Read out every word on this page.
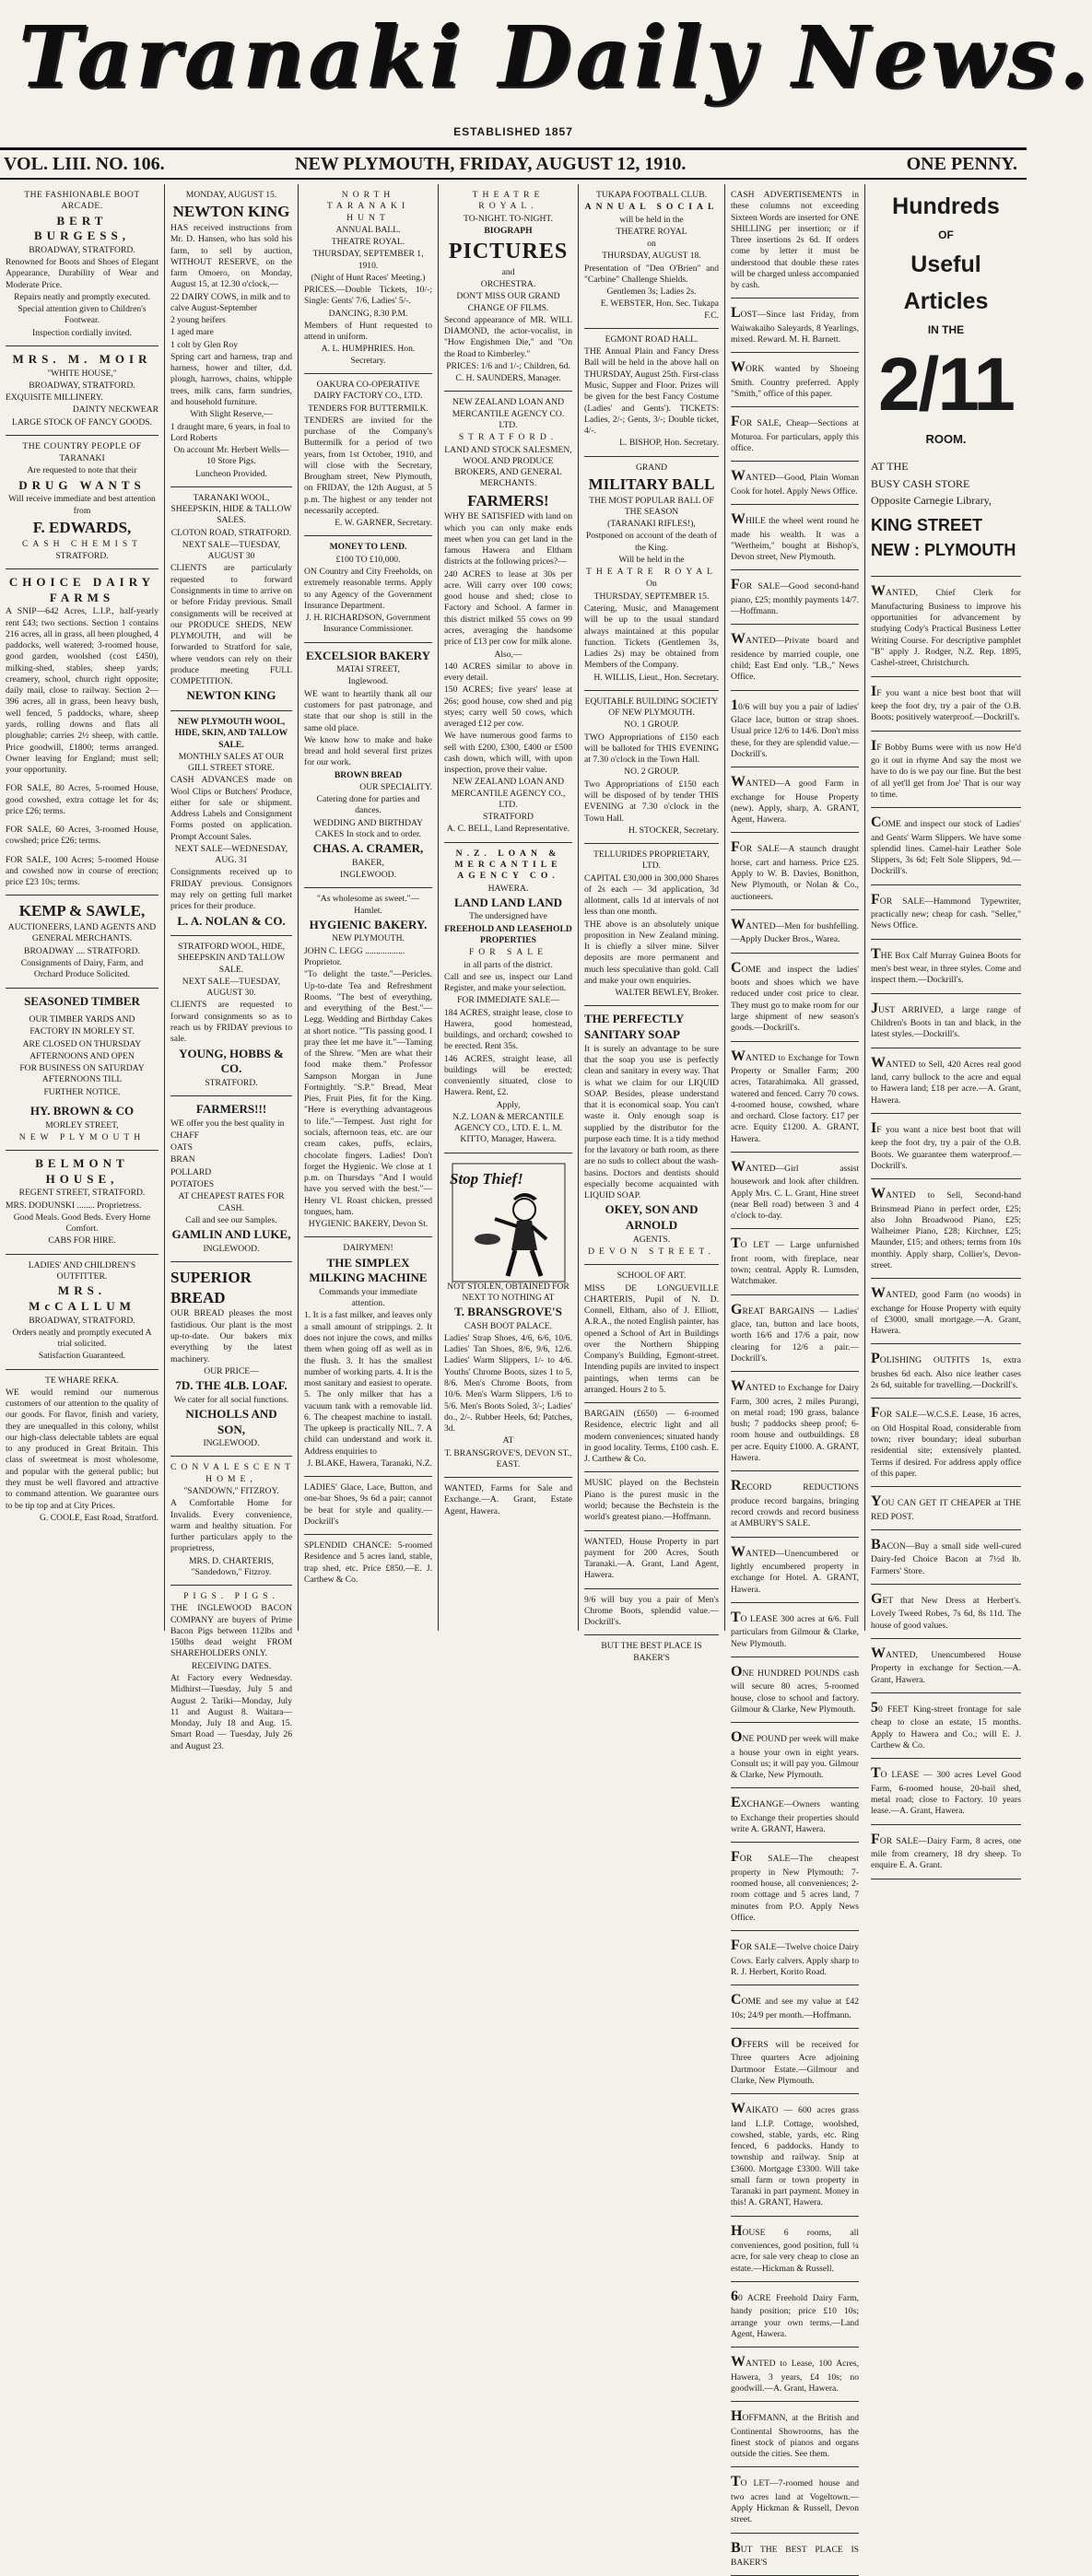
Taranaki Daily News.
ESTABLISHED 1857
VOL. LIII. NO. 106.	NEW PLYMOUTH, FRIDAY, AUGUST 12, 1910.	ONE PENNY.

THE FASHIONABLE BOOT ARCADE.

BERT BURGESS,

BROADWAY, STRATFORD.

Renowned for Boots and Shoes of Elegant Appearance, Durability of Wear and Moderate Price.

Repairs neatly and promptly executed.

Special attention given to Children's Footwear.

Inspection cordially invited.

MRS. M. MOIR

"WHITE HOUSE,"

BROADWAY, STRATFORD.

EXQUISITE MILLINERY.

DAINTY NECKWEAR

LARGE STOCK OF FANCY GOODS.

THE COUNTRY PEOPLE OF

TARANAKI

Are requested to note that their

DRUG WANTS

Will receive immediate and best attention from

F. EDWARDS,

CASH CHEMIST

STRATFORD.

CHOICE DAIRY FARMS

A SNIP—642 Acres, L.I.P., half-yearly rent £43; two sections. Section 1 contains 216 acres, all in grass, all been ploughed, 4 paddocks, well watered; 3-roomed house, good garden, woolshed (cost £450), milking-shed, stables, sheep yards; creamery, school, church right opposite; daily mail, close to railway. Section 2—396 acres, all in grass, been heavy bush, well fenced, 5 paddocks, whare, sheep yards, rolling downs and flats all ploughable; carries 2½ sheep, with cattle. Price goodwill, £1800; terms arranged. Owner leaving for England; must sell; your opportunity.

FOR SALE, 80 Acres, 5-roomed House, good cowshed, extra cottage let for 4s; price £26; terms.

FOR SALE, 60 Acres, 3-roomed House, cowshed; price £26; terms.

FOR SALE, 100 Acres; 5-roomed House and cowshed now in course of erection; price £23 10s; terms.

KEMP & SAWLE,

AUCTIONEERS, LAND AGENTS AND GENERAL MERCHANTS.

BROADWAY .... STRATFORD.

Consignments of Dairy, Farm, and Orchard Produce Solicited.

SEASONED TIMBER

OUR TIMBER YARDS AND

FACTORY IN MORLEY ST.

ARE CLOSED ON THURSDAY

AFTERNOONS AND OPEN

FOR BUSINESS ON SATURDAY AFTERNOONS TILL

FURTHER NOTICE.

HY. BROWN & CO

MORLEY STREET,

NEW PLYMOUTH

BELMONT HOUSE,

REGENT STREET, STRATFORD.

MRS. DODUNSKI ........ Proprietress.

Good Meals. Good Beds. Every Home Comfort.

CABS FOR HIRE.

LADIES' AND CHILDREN'S OUTFITTER.

MRS. McCALLUM

BROADWAY, STRATFORD.

Orders neatly and promptly executed A trial solicited.

Satisfaction Guaranteed.

TE WHARE REKA.

WE would remind our numerous customers of our attention to the quality of our goods. For flavor, finish and variety, they are unequalled in this colony, whilst our high-class delectable tablets are equal to any produced in Great Britain. This class of sweetmeat is most wholesome, and popular with the general public; but they must be well flavored and attractive to command attention. We guarantee ours to be tip top and at City Prices.

G. COOLE, East Road, Stratford.

MONDAY, AUGUST 15.

NEWTON KING

HAS received instructions from Mr. D. Hansen, who has sold his farm, to sell by auction, WITHOUT RESERVE, on the farm Omoero, on Monday, August 15, at 12.30 o'clock,—

22 DAIRY COWS, in milk and to calve August-September

2 young heifers

1 aged mare

1 colt by Glen Roy

Spring cart and harness, trap and harness, hower and tilter, d.d. plough, harrows, chains, whipple trees, milk cans, farm sundries, and household furniture.

With Slight Reserve,—

1 draught mare, 6 years, in foal to Lord Roberts

On account Mr. Herbert Wells—10 Store Pigs.

Luncheon Provided.

TARANAKI WOOL, SHEEPSKIN, HIDE & TALLOW SALES.

CLOTON ROAD, STRATFORD.

NEXT SALE—TUESDAY, AUGUST 30

CLIENTS are particularly requested to forward Consignments in time to arrive on or before Friday previous. Small consignments will be received at our PRODUCE SHEDS, NEW PLYMOUTH, and will be forwarded to Stratford for sale, where vendors can rely on their produce meeting FULL COMPETITION.

NEWTON KING

NEW PLYMOUTH WOOL, HIDE, SKIN, AND TALLOW SALE.

MONTHLY SALES AT OUR GILL STREET STORE.

CASH ADVANCES made on Wool Clips or Butchers' Produce, either for sale or shipment. Address Labels and Consignment Forms posted on application. Prompt Account Sales.

NEXT SALE—WEDNESDAY, AUG. 31

Consignments received up to FRIDAY previous. Consignors may rely on getting full market prices for their produce.

L. A. NOLAN & CO.

STRATFORD WOOL, HIDE, SHEEPSKIN AND TALLOW SALE.

NEXT SALE—TUESDAY, AUGUST 30.

CLIENTS are requested to forward consignments so as to reach us by FRIDAY previous to sale.

YOUNG, HOBBS & CO.

STRATFORD.

FARMERS!!!

WE offer you the best quality in

CHAFF

OATS

BRAN

POLLARD

POTATOES

AT CHEAPEST RATES FOR CASH.

Call and see our Samples.

GAMLIN AND LUKE,

INGLEWOOD.

SUPERIOR BREAD

OUR BREAD pleases the most fastidious. Our plant is the most up-to-date. Our bakers mix everything by the latest machinery.

OUR PRICE—

7D. THE 4LB. LOAF.

We cater for all social functions.

NICHOLLS AND SON,

INGLEWOOD.

CONVALESCENT HOME,

"SANDOWN," FITZROY.

A Comfortable Home for Invalids. Every convenience, warm and healthy situation. For further particulars apply to the proprietress,

MRS. D. CHARTERIS, "Sandedown," Fitzroy.

PIGS. PIGS.

THE INGLEWOOD BACON COMPANY are buyers of Prime Bacon Pigs between 112lbs and 150lbs dead weight FROM SHAREHOLDERS ONLY.

RECEIVING DATES.

At Factory every Wednesday. Midhirst—Tuesday, July 5 and August 2. Tariki—Monday, July 11 and August 8. Waitara—Monday, July 18 and Aug. 15. Smart Road — Tuesday, July 26 and August 23.

NORTH TARANAKI HUNT

ANNUAL BALL.

THEATRE ROYAL.

THURSDAY, SEPTEMBER 1, 1910.

(Night of Hunt Races' Meeting.)

PRICES.—Double Tickets, 10/-; Single: Gents' 7/6, Ladies' 5/-.

DANCING, 8.30 P.M.

Members of Hunt requested to attend in uniform.

A. L. HUMPHRIES. Hon. Secretary.

OAKURA CO-OPERATIVE DAIRY FACTORY CO., LTD.

TENDERS FOR BUTTERMILK.

TENDERS are invited for the purchase of the Company's Buttermilk for a period of two years, from 1st October, 1910, and will close with the Secretary, Brougham street, New Plymouth, on FRIDAY, the 12th August, at 5 p.m. The highest or any tender not necessarily accepted.

E. W. GARNER, Secretary.

MONEY TO LEND.

£100 TO £10,000.

ON Country and City Freeholds, on extremely reasonable terms. Apply to any Agency of the Government Insurance Department.

J. H. RICHARDSON, Government Insurance Commissioner.

EXCELSIOR BAKERY

MATAI STREET,

Inglewood.

WE want to heartily thank all our customers for past patronage, and state that our shop is still in the same old place.

We know how to make and bake bread and hold several first prizes for our work.

BROWN BREAD

OUR SPECIALITY.

Catering done for parties and dances.

WEDDING AND BIRTHDAY CAKES In stock and to order.

CHAS. A. CRAMER,

BAKER,

INGLEWOOD.

"As wholesome as sweet."—Hamlet.

HYGIENIC BAKERY.

NEW PLYMOUTH.

JOHN C. LEGG .................. Proprietor.

"To delight the taste."—Pericles. Up-to-date Tea and Refreshment Rooms. "The best of everything, and everything of the Best."—Legg. Wedding and Birthday Cakes at short notice. "'Tis passing good. I pray thee let me have it."—Taming of the Shrew. "Men are what their food make them." Professor Sampson Morgan in June Fortnightly. "S.P." Bread, Meat Pies, Fruit Pies, fit for the King. "Here is everything advantageous to life."—Tempest. Just right for socials, afternoon teas, etc. are our cream cakes, puffs, eclairs, chocolate fingers. Ladies! Don't forget the Hygienic. We close at 1 p.m. on Thursdays "And I would have you served with the best."—Henry VI. Roast chicken, pressed tongues, ham.

HYGIENIC BAKERY, Devon St.

DAIRYMEN!

THE SIMPLEX MILKING MACHINE

Commands your immediate attention.

1. It is a fast milker, and leaves only a small amount of strippings. 2. It does not injure the cows, and milks them when going off as well as in the flush. 3. It has the smallest number of working parts. 4. It is the most sanitary and easiest to operate. 5. The only milker that has a vacuum tank with a removable lid. 6. The cheapest machine to install. The upkeep is practically NIL. 7. A child can understand and work it. Address enquiries to

J. BLAKE, Hawera, Taranaki, N.Z.

LADIES' Glace, Lace, Button, and one-bar Shoes, 9s 6d a pair; cannot be beat for style and quality.—Dockrill's

SPLENDID CHANCE: 5-roomed Residence and 5 acres land, stable, trap shed, etc. Price £850.—E. J. Carthew & Co.

THEATRE ROYAL.

TO-NIGHT. TO-NIGHT.

BIOGRAPH

PICTURES

and

ORCHESTRA.

DON'T MISS OUR GRAND CHANGE OF FILMS.

Second appearance of MR. WILL DIAMOND, the actor-vocalist, in "How Engishmen Die," and "On the Road to Kimberley."

PRICES: 1/6 and 1/-; Children, 6d.

C. H. SAUNDERS, Manager.

NEW ZEALAND LOAN AND MERCANTILE AGENCY CO. LTD.

STRATFORD.

LAND AND STOCK SALESMEN, WOOL AND PRODUCE BROKERS, AND GENERAL MERCHANTS.

FARMERS!

WHY BE SATISFIED with land on which you can only make ends meet when you can get land in the famous Hawera and Eltham districts at the following prices?—

240 ACRES to lease at 30s per acre. Will carry over 100 cows; good house and shed; close to Factory and School. A farmer in this district milked 55 cows on 99 acres, averaging the handsome price of £13 per cow for milk alone.

Also,—

140 ACRES similar to above in every detail.

150 ACRES; five years' lease at 26s; good house, cow shed and pig styes; carry well 50 cows, which averaged £12 per cow.

We have numerous good farms to sell with £200, £300, £400 or £500 cash down, which will, with upon inspection, prove their value.

NEW ZEALAND LOAN AND MERCANTILE AGENCY CO., LTD.

STRATFORD

A. C. BELL, Land Representative.

N.Z. LOAN & MERCANTILE AGENCY CO.

HAWERA.

LAND LAND LAND

The undersigned have

FREEHOLD AND LEASEHOLD PROPERTIES

FOR SALE

in all parts of the district.

Call and see us, inspect our Land Register, and make your selection.

FOR IMMEDIATE SALE—

184 ACRES, straight lease, close to Hawera, good homestead, buildings, and orchard; cowshed to be erected. Rent 35s.

146 ACRES, straight lease, all buildings will be erected; conveniently situated, close to Hawera. Rent, £2.

Apply,

N.Z. LOAN & MERCANTILE AGENCY CO., LTD. E. L. M. KITTO, Manager, Hawera.

Stop Thief!

NOT STOLEN, OBTAINED FOR NEXT TO NOTHING AT

T. BRANSGROVE'S

CASH BOOT PALACE.

Ladies' Strap Shoes, 4/6, 6/6, 10/6. Ladies' Tan Shoes, 8/6, 9/6, 12/6. Ladies' Warm Slippers, 1/- to 4/6. Youths' Chrome Boots, sizes 1 to 5, 8/6. Men's Chrome Boots, from 10/6. Men's Warm Slippers, 1/6 to 5/6. Men's Boots Soled, 3/-; Ladies' do., 2/-. Rubber Heels, 6d; Patches, 3d.

AT

T. BRANSGROVE'S, DEVON ST., EAST.

WANTED, Farms for Sale and Exchange.—A. Grant, Estate Agent, Hawera.

TUKAPA FOOTBALL CLUB.

ANNUAL SOCIAL

will be held in the

THEATRE ROYAL

on

THURSDAY, AUGUST 18.

Presentation of "Den O'Brien" and "Carbine" Challenge Shields.

Gentlemen 3s; Ladies 2s.

E. WEBSTER, Hon. Sec. Tukapa F.C.

EGMONT ROAD HALL.

THE Annual Plain and Fancy Dress Ball will be held in the above hall on THURSDAY, August 25th. First-class Music, Supper and Floor. Prizes will be given for the best Fancy Costume (Ladies' and Gents'). TICKETS: Ladies, 2/-; Gents, 3/-; Double ticket, 4/-.

L. BISHOP, Hon. Secretary.

GRAND

MILITARY BALL

THE MOST POPULAR BALL OF THE SEASON

(TARANAKI RIFLES!),

Postponed on account of the death of the King.

Will be held in the

THEATRE ROYAL

On

THURSDAY, SEPTEMBER 15.

Catering, Music, and Management will be up to the usual standard always maintained at this popular function. Tickets (Gentlemen 3s, Ladies 2s) may be obtained from Members of the Company.

H. WILLIS, Lieut., Hon. Secretary.

EQUITABLE BUILDING SOCIETY OF NEW PLYMOUTH.

NO. 1 GROUP.

TWO Appropriations of £150 each will be balloted for THIS EVENING at 7.30 o'clock in the Town Hall.

NO. 2 GROUP.

Two Appropriations of £150 each will be disposed of by tender THIS EVENING at 7.30 o'clock in the Town Hall.

H. STOCKER, Secretary.

TELLURIDES PROPRIETARY, LTD.

CAPITAL £30,000 in 300,000 Shares of 2s each — 3d application, 3d allotment, calls 1d at intervals of not less than one month.

THE above is an absolutely unique proposition in New Zealand mining. It is chiefly a silver mine. Silver deposits are more permanent and much less speculative than gold. Call and make your own enquiries.

WALTER BEWLEY, Broker.

THE PERFECTLY SANITARY SOAP

It is surely an advantage to be sure that the soap you use is perfectly clean and sanitary in every way. That is what we claim for our LIQUID SOAP. Besides, please understand that it is economical soap. You can't waste it. Only enough soap is supplied by the distributor for the purpose each time. It is a tidy method for the lavatory or bath room, as there are no suds to collect about the wash-basins. Doctors and dentists should especially become acquainted with LIQUID SOAP.

OKEY, SON AND ARNOLD

AGENTS.

DEVON STREET.

SCHOOL OF ART.

MISS DE LONGUEVILLE CHARTERIS, Pupil of N. D. Connell, Eltham, also of J. Elliott, A.R.A., the noted English painter, has opened a School of Art in Buildings over the Northern Shipping Company's Building, Egmont-street. Intending pupils are invited to inspect paintings, when terms can be arranged. Hours 2 to 5.

BARGAIN (£650) — 6-roomed Residence, electric light and all modern conveniences; situated handy in good locality. Terms, £100 cash. E. J. Carthew & Co.

MUSIC played on the Bechstein Piano is the purest music in the world; because the Bechstein is the world's greatest piano.—Hoffmann.

WANTED, House Property in part payment for 200 Acres, South Taranaki.—A. Grant, Land Agent, Hawera.

9/6 will buy you a pair of Men's Chrome Boots, splendid value.—Dockrill's.

BUT THE BEST PLACE IS BAKER'S

CASH ADVERTISEMENTS in these columns not exceeding Sixteen Words are inserted for ONE SHILLING per insertion; or if Three insertions 2s 6d. If orders come by letter it must be understood that double these rates will be charged unless accompanied by cash.

LOST—Since last Friday, from Waiwakaiho Saleyards, 8 Yearlings, mixed. Reward. M. H. Barnett.

WORK wanted by Shoeing Smith. Country preferred. Apply "Smith," office of this paper.

FOR SALE, Cheap—Sections at Moturoa. For particulars, apply this office.

WANTED—Good, Plain Woman Cook for hotel. Apply News Office.

WHILE the wheel went round he made his wealth. It was a "Wertheim," bought at Bishop's, Devon street, New Plymouth.

FOR SALE—Good second-hand piano, £25; monthly payments 14/7.—Hoffmann.

WANTED—Private board and residence by married couple, one child; East End only. "LB.," News Office.

10/6 will buy you a pair of ladies' Glace lace, button or strap shoes. Usual price 12/6 to 14/6. Don't miss these, for they are splendid value.—Dockrill's.

WANTED—A good Farm in exchange for House Property (new). Apply, sharp, A. GRANT, Agent, Hawera.

FOR SALE—A staunch draught horse, cart and harness. Price £25. Apply to W. B. Davies, Bonithon, New Plymouth, or Nolan & Co., auctioneers.

WANTED—Men for bushfelling.—Apply Ducker Bros., Warea.

COME and inspect the ladies' boots and shoes which we have reduced under cost price to clear. They must go to make room for our large shipment of new season's goods.—Dockrill's.

WANTED to Exchange for Town Property or Smaller Farm; 200 acres, Tatarahimaka. All grassed, watered and fenced. Carry 70 cows. 4-roomed house, cowshed, whare and orchard. Close factory. £17 per acre. Equity £1200. A. GRANT, Hawera.

WANTED—Girl assist housework and look after children. Apply Mrs. C. L. Grant, Hine street (near Bell road) between 3 and 4 o'clock to-day.

TO LET — Large unfurnished front room, with fireplace, near town; central. Apply R. Lumsden, Watchmaker.

GREAT BARGAINS — Ladies' glace, tan, button and lace boots, worth 16/6 and 17/6 a pair, now clearing for 12/6 a pair.—Dockrill's.

WANTED to Exchange for Dairy Farm, 300 acres, 2 miles Purangi, on metal road; 190 grass, balance bush; 7 paddocks sheep proof; 6-room house and outbuildings. £8 per acre. Equity £1000. A. GRANT, Hawera.

RECORD REDUCTIONS produce record bargains, bringing record crowds and record business at AMBURY'S SALE.

WANTED—Unencumbered or lightly encumbered property in exchange for Hotel. A. GRANT, Hawera.

TO LEASE 300 acres at 6/6. Full particulars from Gilmour & Clarke, New Plymouth.

ONE HUNDRED POUNDS cash will secure 80 acres, 5-roomed house, close to school and factory. Gilmour & Clarke, New Plymouth.

ONE POUND per week will make a house your own in eight years. Consult us; it will pay you. Gilmour & Clarke, New Plymouth.

EXCHANGE—Owners wanting to Exchange their properties should write A. GRANT, Hawera.

FOR SALE—The cheapest property in New Plymouth: 7-roomed house, all conveniences; 2-room cottage and 5 acres land, 7 minutes from P.O. Apply News Office.

FOR SALE—Twelve choice Dairy Cows. Early calvers. Apply sharp to R. J. Herbert, Korito Road.

COME and see my value at £42 10s; 24/9 per month.—Hoffmann.

OFFERS will be received for Three quarters Acre adjoining Dartmoor Estate.—Gilmour and Clarke, New Plymouth.

WAIKATO — 600 acres grass land L.I.P. Cottage, woolshed, cowshed, stable, yards, etc. Ring fenced, 6 paddocks. Handy to township and railway. Snip at £3600. Mortgage £3300. Will take small farm or town property in Taranaki in part payment. Money in this! A. GRANT, Hawera.

HOUSE 6 rooms, all conveniences, good position, full ¼ acre, for sale very cheap to close an estate.—Hickman & Russell.

60 ACRE Freehold Dairy Farm, handy position; price £10 10s; arrange your own terms.—Land Agent, Hawera.

WANTED to Lease, 100 Acres, Hawera, 3 years, £4 10s; no goodwill.—A. Grant, Hawera.

HOFFMANN, at the British and Continental Showrooms, has the finest stock of pianos and organs outside the cities. See them.

TO LET—7-roomed house and two acres land at Vogeltown.—Apply Hickman & Russell, Devon street.

BUT THE BEST PLACE IS BAKER'S

Hundreds

OF

Useful

Articles

IN THE

2/11

ROOM.

AT THE

BUSY CASH STORE

Opposite Carnegie Library,

KING STREET

NEW : PLYMOUTH

WANTED, Chief Clerk for Manufacturing Business to improve his opportunities for advancement by studying Cody's Practical Business Letter Writing Course. For descriptive pamphlet "B" apply J. Rodger, N.Z. Rep. 1895, Cashel-street, Christchurch.

IF you want a nice best boot that will keep the foot dry, try a pair of the O.B. Boots; positively waterproof.—Dockrill's.

IF Bobby Burns were with us now He'd go it out in rhyme And say the most we have to do is we pay our fine. But the best of all yet'll get from Joe' That is our way to time.

COME and inspect our stock of Ladies' and Gents' Warm Slippers. We have some splendid lines. Camel-hair Leather Sole Slippers, 3s 6d; Felt Sole Slippers, 9d.—Dockrill's.

FOR SALE—Hammond Typewriter, practically new; cheap for cash. "Seller," News Office.

THE Box Calf Murray Guinea Boots for men's best wear, in three styles. Come and inspect them.—Dockrill's.

JUST ARRIVED, a large range of Children's Boots in tan and black, in the latest styles.—Dockrill's.

WANTED to Sell, 420 Acres real good land, carry bullock to the acre and equal to Hawera land; £18 per acre.—A. Grant, Hawera.

IF you want a nice best boot that will keep the foot dry, try a pair of the O.B. Boots. We guarantee them waterproof.—Dockrill's.

WANTED to Sell, Second-hand Brinsmead Piano in perfect order, £25; also John Broadwood Piano, £25; Walheimer Piano, £28; Kirchner, £25; Maunder, £15; and others; terms from 10s monthly. Apply sharp, Collier's, Devon-street.

WANTED, good Farm (no woods) in exchange for House Property with equity of £3000, small mortgage.—A. Grant, Hawera.

POLISHING OUTFITS 1s, extra brushes 6d each. Also nice leather cases 2s 6d, suitable for travelling.—Dockrill's.

FOR SALE—W.C.S.E. Lease, 16 acres, on Old Hospital Road, considerable from town; river boundary; ideal suburban residential site; extensively planted. Terms if desired. For address apply office of this paper.

YOU CAN GET IT CHEAPER at THE RED POST.

BACON—Buy a small side well-cured Dairy-fed Choice Bacon at 7½d lb. Farmers' Store.

GET that New Dress at Herbert's. Lovely Tweed Robes, 7s 6d, 8s 11d. The house of good values.

WANTED, Unencumbered House Property in exchange for Section.—A. Grant, Hawera.

50 FEET King-street frontage for sale cheap to close an estate, 15 months. Apply to Hawera and Co.; will E. J. Carthew & Co.

TO LEASE — 300 acres Level Good Farm, 6-roomed house, 20-bail shed, metal road; close to Factory. 10 years lease.—A. Grant, Hawera.

FOR SALE—Dairy Farm, 8 acres, one mile from creamery, 18 dry sheep. To enquire E. A. Grant.
